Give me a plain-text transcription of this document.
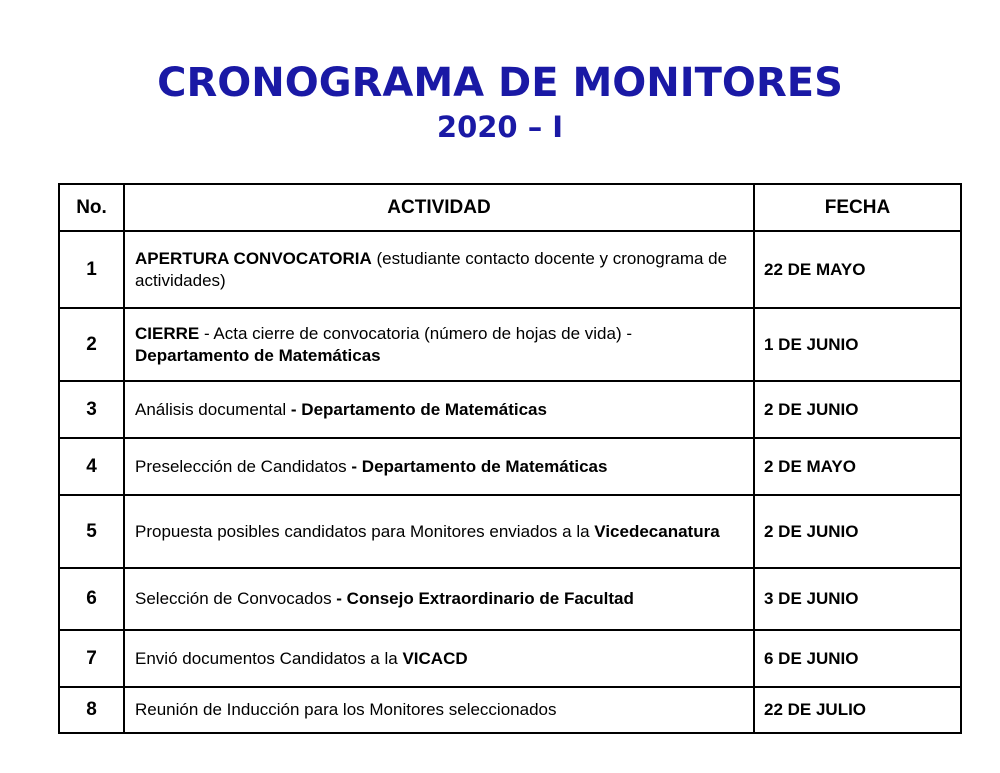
CRONOGRAMA DE MONITORES
2020 – I
No.	ACTIVIDAD	FECHA
1	APERTURA CONVOCATORIA (estudiante contacto docente y cronograma de actividades)	22 DE MAYO
2	CIERRE - Acta cierre de convocatoria (número de hojas de vida) - Departamento de Matemáticas	1 DE JUNIO
3	Análisis documental - Departamento de Matemáticas	2 DE JUNIO
4	Preselección de Candidatos - Departamento de Matemáticas	2 DE MAYO
5	Propuesta posibles candidatos para Monitores enviados a la Vicedecanatura	2 DE JUNIO
6	Selección de Convocados - Consejo Extraordinario de Facultad	3 DE JUNIO
7	Envió documentos Candidatos a la VICACD	6 DE JUNIO
8	Reunión de Inducción para los Monitores seleccionados	22 DE JULIO
